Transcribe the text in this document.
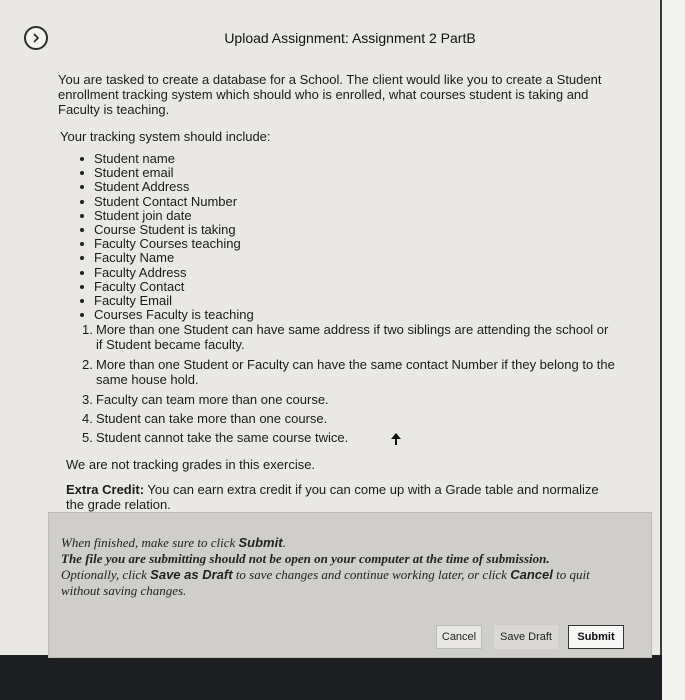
Upload Assignment: Assignment 2 PartB

You are tasked to create a database for a School. The client would like you to create a Student enrollment tracking system which should who is enrolled, what courses student is taking and Faculty is teaching.

Your tracking system should include:

Student name
Student email
Student Address
Student Contact Number
Student join date
Course Student is taking
Faculty Courses teaching
Faculty Name
Faculty Address
Faculty Contact
Faculty Email
Courses Faculty is teaching
1. More than one Student can have same address if two siblings are attending the school or if Student became faculty.
2. More than one Student or Faculty can have the same contact Number if they belong to the same house hold.
3. Faculty can team more than one course.
4. Student can take more than one course.
5. Student cannot take the same course twice.

We are not tracking grades in this exercise.

Extra Credit: You can earn extra credit if you can come up with a Grade table and normalize the grade relation.

When finished, make sure to click Submit.
The file you are submitting should not be open on your computer at the time of submission.
Optionally, click Save as Draft to save changes and continue working later, or click Cancel to quit without saving changes.
Cancel	Save Draft	Submit
